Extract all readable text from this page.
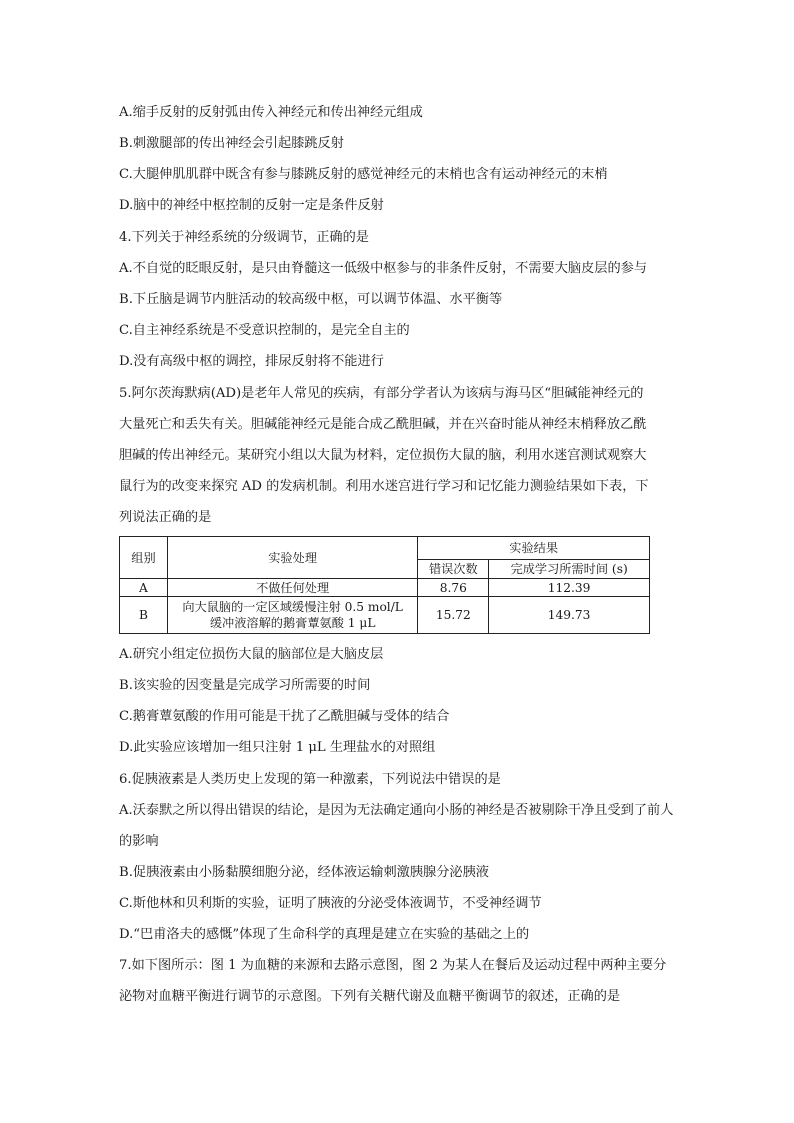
A.缩手反射的反射弧由传入神经元和传出神经元组成
B.刺激腿部的传出神经会引起膝跳反射
C.大腿伸肌肌群中既含有参与膝跳反射的感觉神经元的末梢也含有运动神经元的末梢
D.脑中的神经中枢控制的反射一定是条件反射
4.下列关于神经系统的分级调节，正确的是
A.不自觉的眨眼反射，是只由脊髓这一低级中枢参与的非条件反射，不需要大脑皮层的参与
B.下丘脑是调节内脏活动的较高级中枢，可以调节体温、水平衡等
C.自主神经系统是不受意识控制的，是完全自主的
D.没有高级中枢的调控，排尿反射将不能进行
5.阿尔茨海默病(AD)是老年人常见的疾病，有部分学者认为该病与海马区“胆碱能神经元的
大量死亡和丢失有关。胆碱能神经元是能合成乙酰胆碱，并在兴奋时能从神经末梢释放乙酰
胆碱的传出神经元。某研究小组以大鼠为材料，定位损伤大鼠的脑，利用水迷宫测试观察大
鼠行为的改变来探究 AD 的发病机制。利用水迷宫进行学习和记忆能力测验结果如下表，下
列说法正确的是
组别	实验处理	实验结果	
		错误次数	完成学习所需时间 (s)
A	不做任何处理	8.76	112.39
B	向大鼠脑的一定区域缓慢注射 0.5 mol/L
缓冲液溶解的鹅膏蕈氨酸 1 μL	15.72	149.73
A.研究小组定位损伤大鼠的脑部位是大脑皮层
B.该实验的因变量是完成学习所需要的时间
C.鹅膏蕈氨酸的作用可能是干扰了乙酰胆碱与受体的结合
D.此实验应该增加一组只注射 1 μL 生理盐水的对照组
6.促胰液素是人类历史上发现的第一种激素，下列说法中错误的是
A.沃泰默之所以得出错误的结论，是因为无法确定通向小肠的神经是否被剔除干净且受到了前人的影响
B.促胰液素由小肠黏膜细胞分泌，经体液运输刺激胰腺分泌胰液
C.斯他林和贝利斯的实验，证明了胰液的分泌受体液调节，不受神经调节
D.“巴甫洛夫的感慨”体现了生命科学的真理是建立在实验的基础之上的
7.如下图所示：图 1 为血糖的来源和去路示意图，图 2 为某人在餐后及运动过程中两种主要分泌物对血糖平衡进行调节的示意图。下列有关糖代谢及血糖平衡调节的叙述，正确的是
